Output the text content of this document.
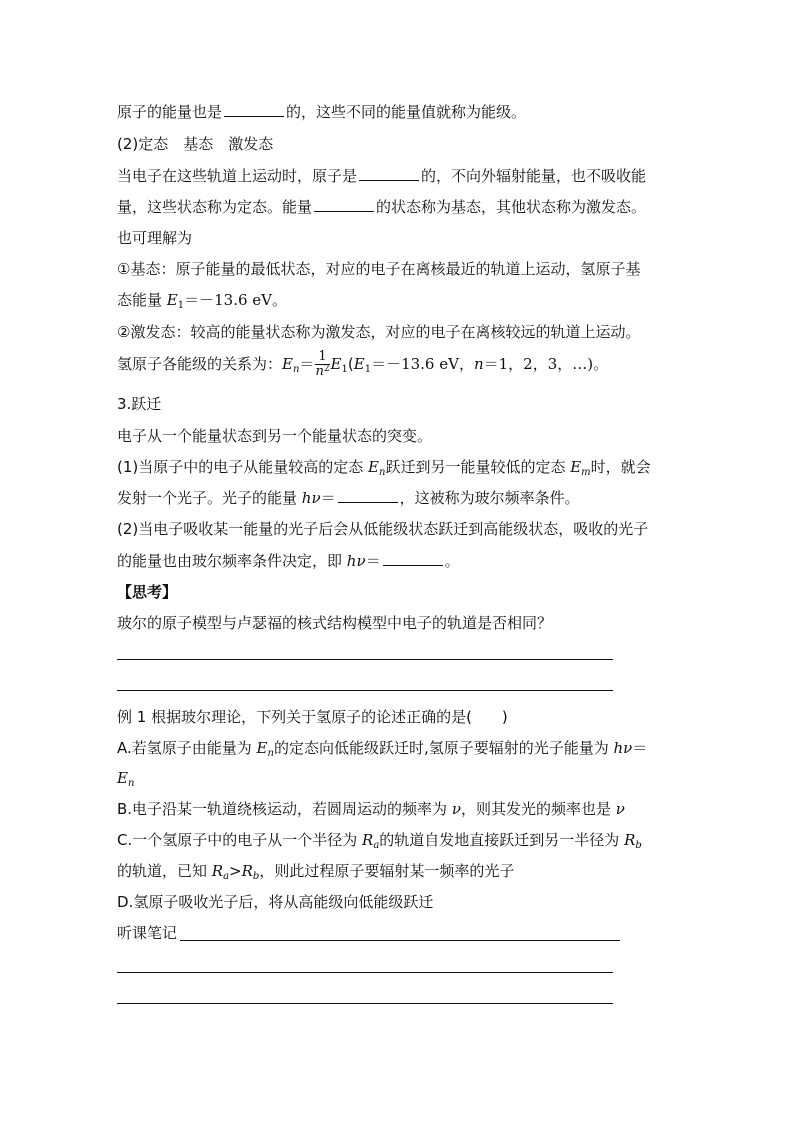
原子的能量也是	的，这些不同的能量值就称为能级。
(2)定态　基态　激发态
当电子在这些轨道上运动时，原子是	的，不向外辐射能量，也不吸收能
量，这些状态称为定态。能量	的状态称为基态，其他状态称为激发态。
也可理解为
①基态：原子能量的最低状态，对应的电子在离核最近的轨道上运动，氢原子基
态能量 $E_1=-13.6$ eV。
②激发态：较高的能量状态称为激发态，对应的电子在离核较远的轨道上运动。
氢原子各能级的关系为：$E_n= \frac{1}{n^2} E_1(E_1=-13.6$ eV，n＝1，2，3，…)。
3.跃迁
电子从一个能量状态到另一个能量状态的突变。
(1)当原子中的电子从能量较高的定态 $E_n$跃迁到另一能量较低的定态 $E_m$时，就会
发射一个光子。光子的能量 hν＝	，这被称为玻尔频率条件。
(2)当电子吸收某一能量的光子后会从低能级状态跃迁到高能级状态，吸收的光子
的能量也由玻尔频率条件决定，即 hν＝	。
【思考】
玻尔的原子模型与卢瑟福的核式结构模型中电子的轨道是否相同？
例 1 根据玻尔理论，下列关于氢原子的论述正确的是(　　)
A.若氢原子由能量为 $E_n$的定态向低能级跃迁时,氢原子要辐射的光子能量为 hν＝
$E_n$
B.电子沿某一轨道绕核运动，若圆周运动的频率为 ν，则其发光的频率也是 ν
C.一个氢原子中的电子从一个半径为 $R_a$的轨道自发地直接跃迁到另一半径为 $R_b$
的轨道，已知 $R_a>R_b$，则此过程原子要辐射某一频率的光子
D.氢原子吸收光子后，将从高能级向低能级跃迁
听课笔记
